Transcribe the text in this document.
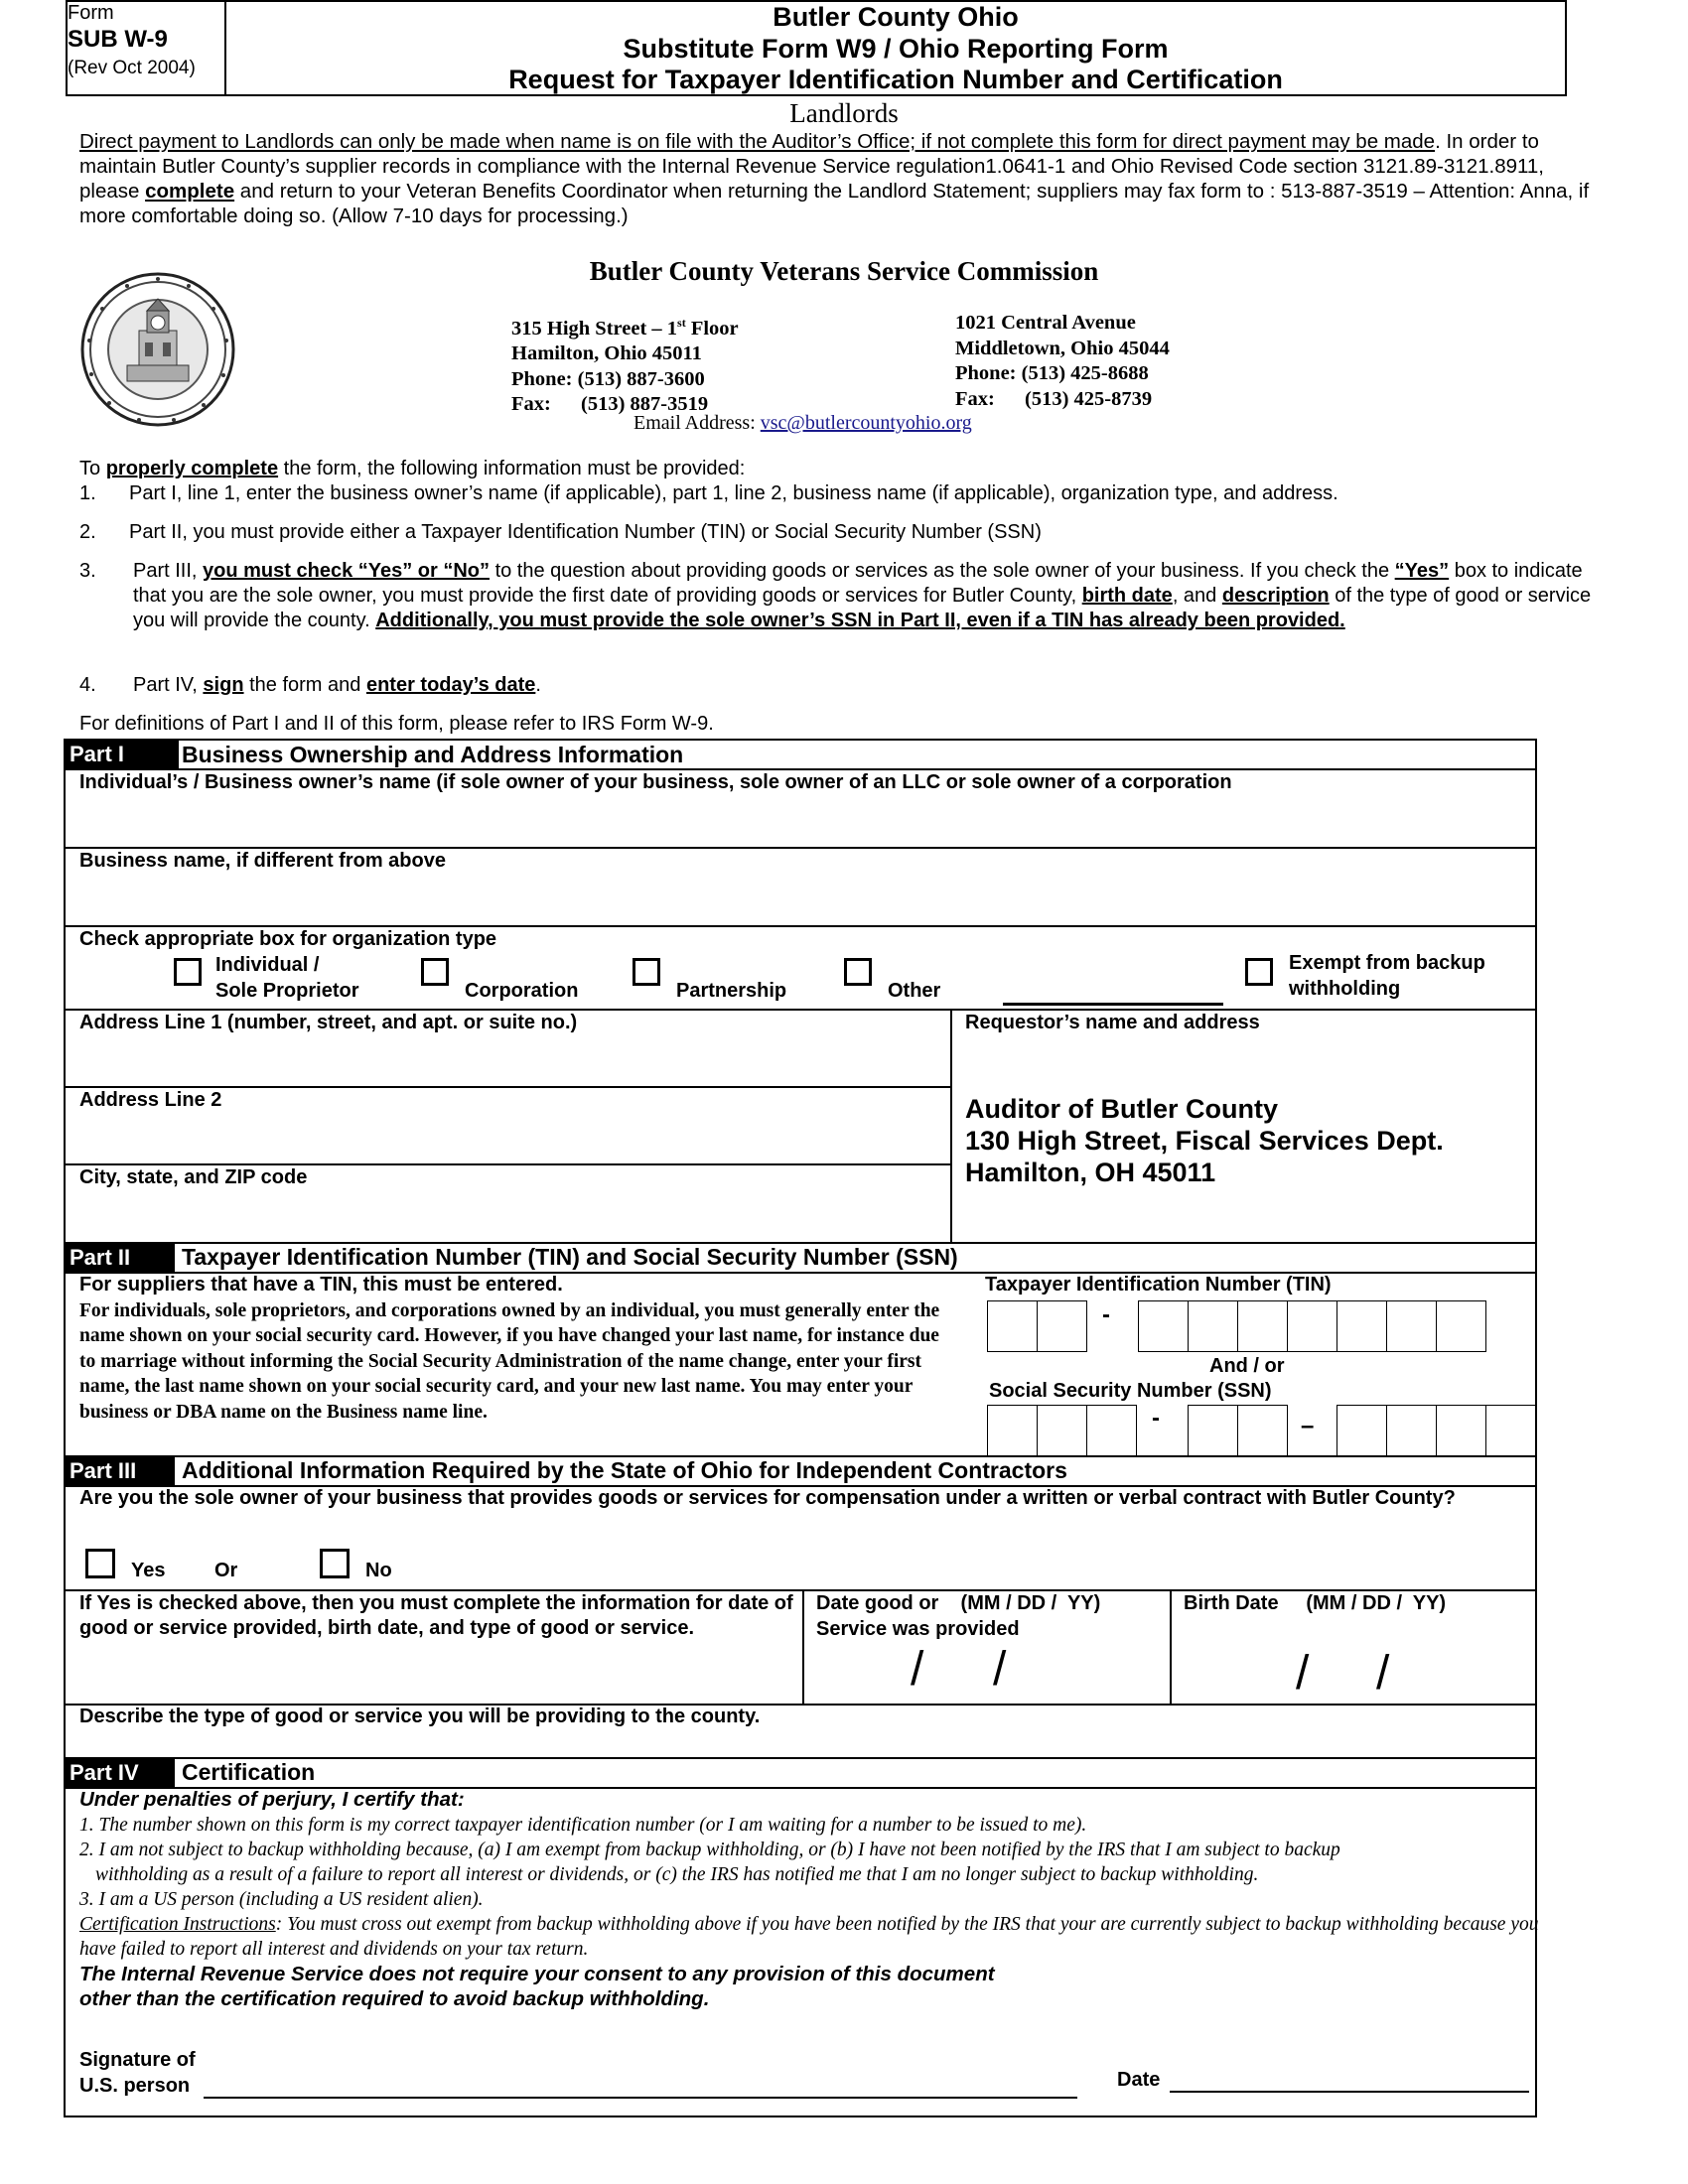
Form
SUB W-9
(Rev Oct 2004)
Butler County Ohio
Substitute Form W9 / Ohio Reporting Form
Request for Taxpayer Identification Number and Certification
Landlords
Direct payment to Landlords can only be made when name is on file with the Auditor’s Office; if not complete this form for direct payment may be made. In order to maintain Butler County’s supplier records in compliance with the Internal Revenue Service regulation1.0641-1 and Ohio Revised Code section 3121.89-3121.8911, please complete and return to your Veteran Benefits Coordinator when returning the Landlord Statement; suppliers may fax form to : 513-887-3519 – Attention: Anna, if more comfortable doing so. (Allow 7-10 days for processing.)
Butler County Veterans Service Commission
315 High Street – 1st Floor
Hamilton, Ohio 45011
Phone: (513) 887-3600
Fax: (513) 887-3519
1021 Central Avenue
Middletown, Ohio 45044
Phone: (513) 425-8688
Fax: (513) 425-8739
Email Address: vsc@butlercountyohio.org
To properly complete the form, the following information must be provided:
1. Part I, line 1, enter the business owner’s name (if applicable), part 1, line 2, business name (if applicable), organization type, and address.
2. Part II, you must provide either a Taxpayer Identification Number (TIN) or Social Security Number (SSN)
3. Part III, you must check “Yes” or “No” to the question about providing goods or services as the sole owner of your business. If you check the “Yes” box to indicate that you are the sole owner, you must provide the first date of providing goods or services for Butler County, birth date, and description of the type of good or service you will provide the county. Additionally, you must provide the sole owner’s SSN in Part II, even if a TIN has already been provided.
4. Part IV, sign the form and enter today’s date.
For definitions of Part I and II of this form, please refer to IRS Form W-9.
Part I	Business Ownership and Address Information
Individual’s / Business owner’s name (if sole owner of your business, sole owner of an LLC or sole owner of a corporation
Business name, if different from above
Check appropriate box for organization type
Individual /
Sole Proprietor	Corporation	Partnership	Other
Exempt from backup
withholding
Address Line 1 (number, street, and apt. or suite no.)
Address Line 2
City, state, and ZIP code
Requestor’s name and address
Auditor of Butler County
130 High Street, Fiscal Services Dept.
Hamilton, OH 45011
Part II	Taxpayer Identification Number (TIN) and Social Security Number (SSN)
For suppliers that have a TIN, this must be entered.
For individuals, sole proprietors, and corporations owned by an individual, you must generally enter the name shown on your social security card. However, if you have changed your last name, for instance due to marriage without informing the Social Security Administration of the name change, enter your first name, the last name shown on your social security card, and your new last name. You may enter your business or DBA name on the Business name line.
Taxpayer Identification Number (TIN)
-
And / or
Social Security Number (SSN)
-	–
Part III	Additional Information Required by the State of Ohio for Independent Contractors
Are you the sole owner of your business that provides goods or services for compensation under a written or verbal contract with Butler County?
Yes Or	No
If Yes is checked above, then you must complete the information for date of good or service provided, birth date, and type of good or service.
Date good or    (MM / DD /  YY)
Service was provided
/ /
Birth Date     (MM / DD /  YY)
/ /
Describe the type of good or service you will be providing to the county.
Part IV	Certification
Under penalties of perjury, I certify that:
1. The number shown on this form is my correct taxpayer identification number (or I am waiting for a number to be issued to me).
2. I am not subject to backup withholding because, (a) I am exempt from backup withholding, or (b) I have not been notified by the IRS that I am subject to backup
withholding as a result of a failure to report all interest or dividends, or (c) the IRS has notified me that I am no longer subject to backup withholding.
3. I am a US person (including a US resident alien).
Certification Instructions: You must cross out exempt from backup withholding above if you have been notified by the IRS that your are currently subject to backup withholding because you have failed to report all interest and dividends on your tax return.
The Internal Revenue Service does not require your consent to any provision of this document
other than the certification required to avoid backup withholding.
Signature of
U.S. person	Date
